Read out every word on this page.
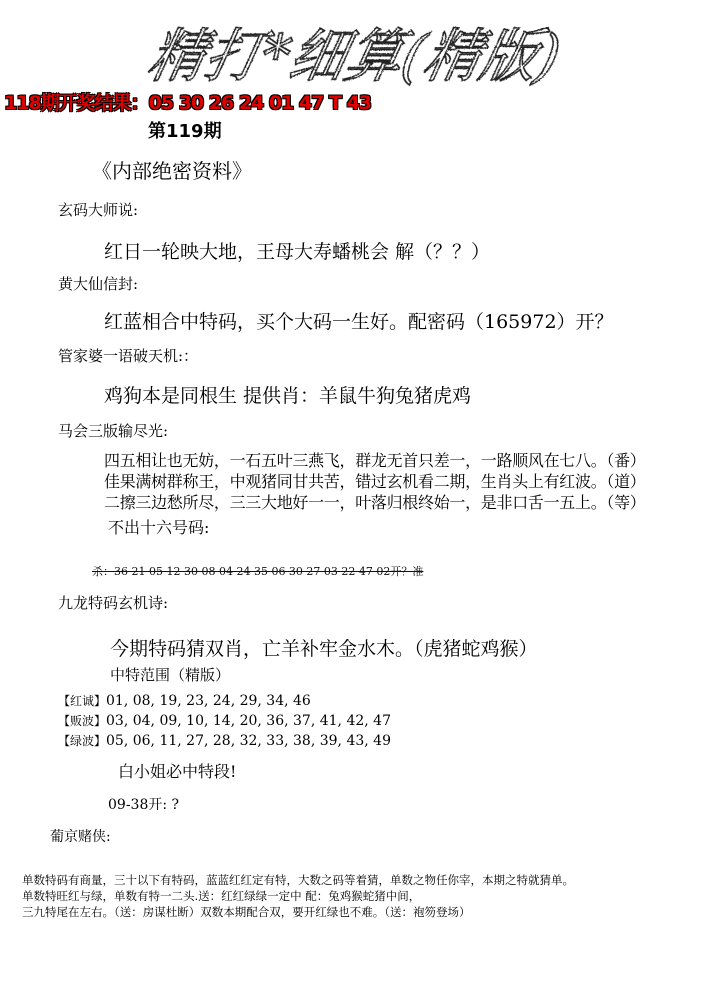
精打*细算(精版)
118期开奖结果：05 30 26 24 01 47 T 43
第119期
《内部绝密资料》
玄码大师说:
红日一轮映大地，王母大寿蟠桃会 解（？？）
黄大仙信封:
红蓝相合中特码，买个大码一生好。配密码（165972）开？
管家婆一语破天机:：
鸡狗本是同根生 提供肖：羊鼠牛狗兔猪虎鸡
马会三版输尽光:
四五相让也无妨，一石五叶三燕飞，群龙无首只差一，一路顺风在七八。（番）
佳果满树群称王，中观猪同甘共苦，错过玄机看二期，生肖头上有红波。（道）
二擦三边愁所尽，三三大地好一一，叶落归根终始一，是非口舌一五上。（等）
不出十六号码:
杀：36 21 05 12 30 08 04 24 35 06 30 27 03 22 47 02开？准
九龙特码玄机诗:
今期特码猜双肖，亡羊补牢金水木。（虎猪蛇鸡猴）
中特范围（精版）
【红诚】01, 08, 19, 23, 24, 29, 34, 46
【贩波】03, 04, 09, 10, 14, 20, 36, 37, 41, 42, 47
【绿波】05, 06, 11, 27, 28, 32, 33, 38, 39, 43, 49
白小姐必中特段!
09-38开: ?
葡京赌侠:
单数特码有商量，三十以下有特码，蓝蓝红红定有特，大数之码等着猜，单数之物任你宰，本期之特就猜单。
单数特旺红与绿，单数有特一二头.送：红红绿绿一定中 配：兔鸡猴蛇猪中间，
三九特尾在左右。（送：房谋杜断）双数本期配合双，要开红绿也不难。（送：袍笏登场）
